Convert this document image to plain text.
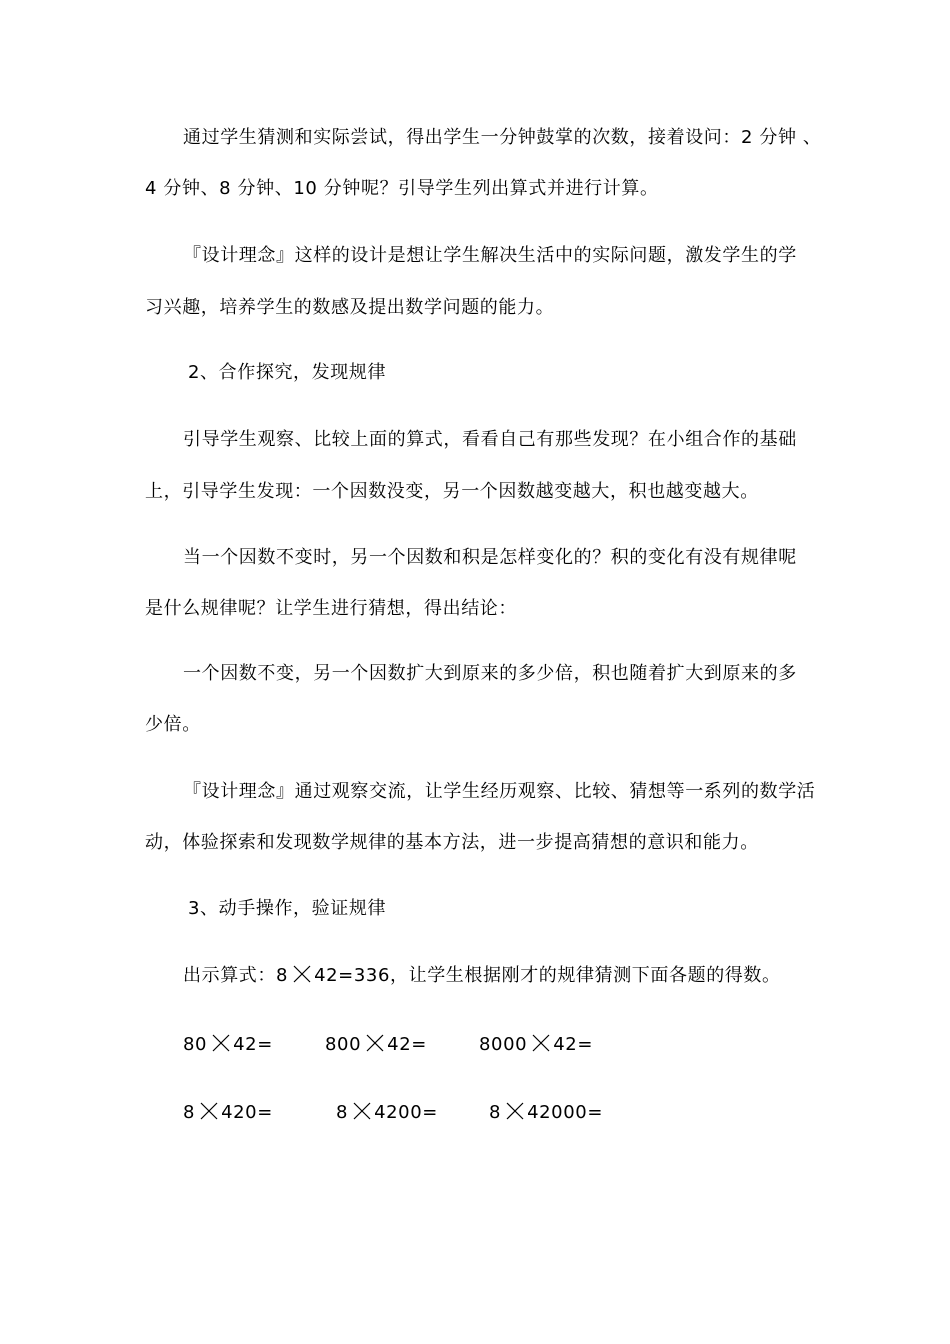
通过学生猜测和实际尝试，得出学生一分钟鼓掌的次数，接着设问：2 分钟 、
4 分钟、8 分钟、10 分钟呢？引导学生列出算式并进行计算。
『设计理念』这样的设计是想让学生解决生活中的实际问题，激发学生的学
习兴趣，培养学生的数感及提出数学问题的能力。
2、合作探究，发现规律
引导学生观察、比较上面的算式，看看自己有那些发现？在小组合作的基础
上，引导学生发现：一个因数没变，另一个因数越变越大，积也越变越大。
当一个因数不变时，另一个因数和积是怎样变化的？积的变化有没有规律呢
是什么规律呢？让学生进行猜想，得出结论：
一个因数不变，另一个因数扩大到原来的多少倍，积也随着扩大到原来的多
少倍。
『设计理念』通过观察交流，让学生经历观察、比较、猜想等一系列的数学活
动，体验探索和发现数学规律的基本方法，进一步提高猜想的意识和能力。
3、动手操作，验证规律
出示算式：8 42=336，让学生根据刚才的规律猜测下面各题的得数。
80 42=	800 42=	8000 42=
8 420=	8 4200=	8 42000=
